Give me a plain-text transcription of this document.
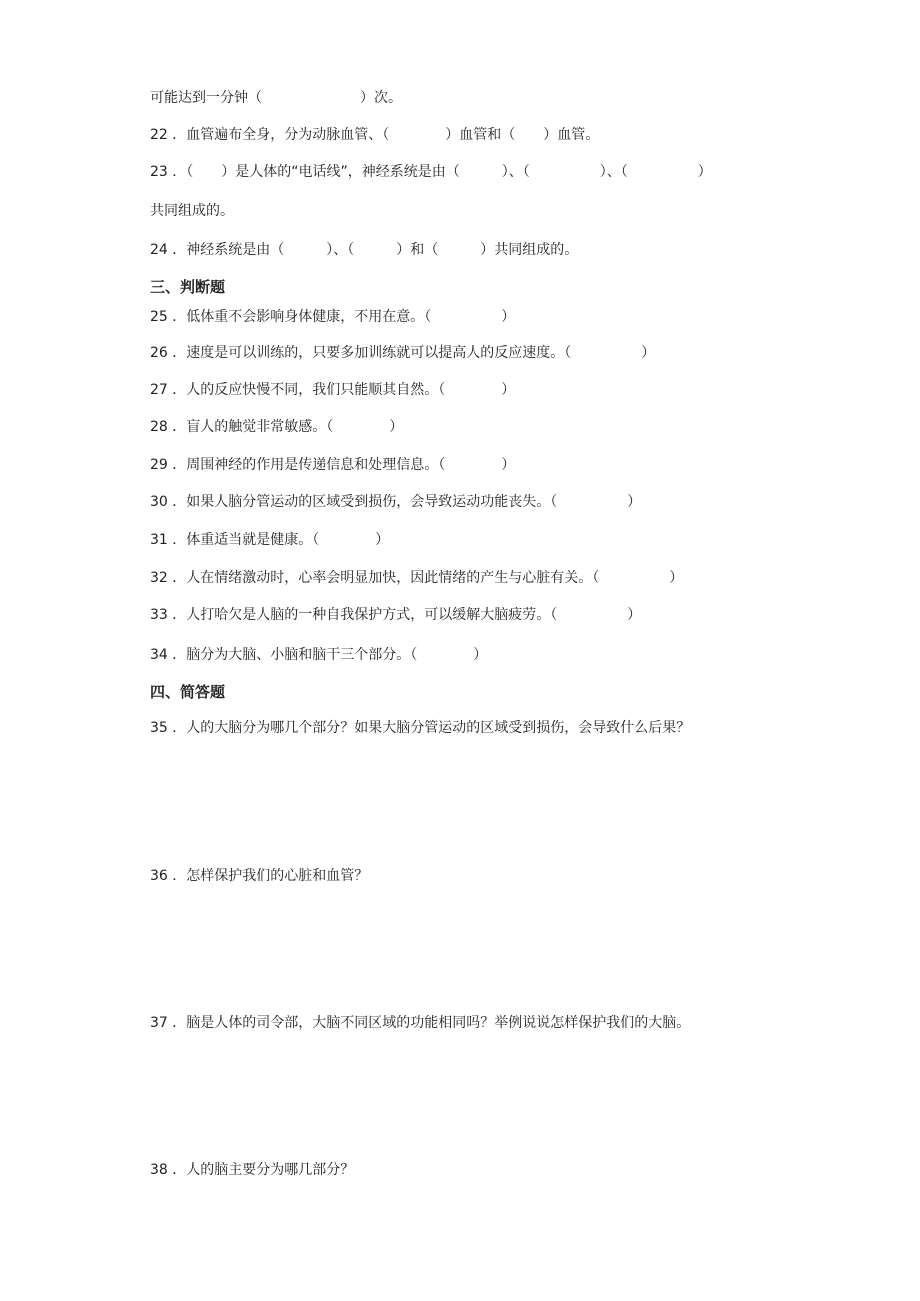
可能达到一分钟（　　　　　　　）次。
22 ．血管遍布全身，分为动脉血管、（　　　　）血管和（　　）血管。
23 ．（　　）是人体的“电话线”，神经系统是由（　　　）、（　　　　　）、（　　　　　）
共同组成的。
24 ．神经系统是由（　　　）、（　　　）和（　　　）共同组成的。
三、判断题
25 ．低体重不会影响身体健康，不用在意。（　　　　　）
26 ．速度是可以训练的，只要多加训练就可以提高人的反应速度。（　　　　　）
27 ．人的反应快慢不同，我们只能顺其自然。（　　　　）
28 ．盲人的触觉非常敏感。（　　　　）
29 ．周围神经的作用是传递信息和处理信息。（　　　　）
30 ．如果人脑分管运动的区域受到损伤，会导致运动功能丧失。（　　　　　）
31 ．体重适当就是健康。（　　　　）
32 ．人在情绪激动时，心率会明显加快，因此情绪的产生与心脏有关。（　　　　　）
33 ．人打哈欠是人脑的一种自我保护方式，可以缓解大脑疲劳。（　　　　　）
34 ．脑分为大脑、小脑和脑干三个部分。（　　　　）
四、简答题
35 ．人的大脑分为哪几个部分？如果大脑分管运动的区域受到损伤，会导致什么后果？
36 ．怎样保护我们的心脏和血管？
37 ．脑是人体的司令部，大脑不同区域的功能相同吗？举例说说怎样保护我们的大脑。
38 ．人的脑主要分为哪几部分？
